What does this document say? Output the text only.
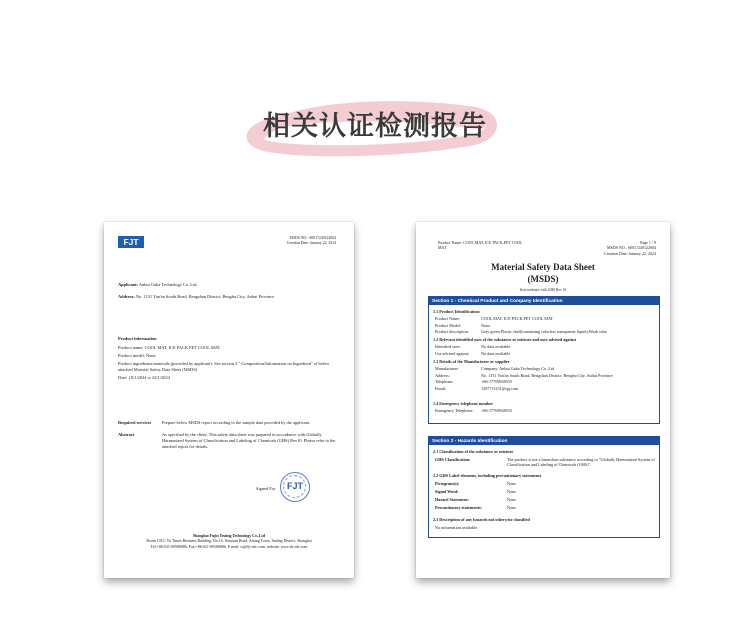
相关认证检测报告
FJT	MSDS NO.: S0017240122004
Creation Date: January 22, 2024
Applicant: Anhui Gaka Technology Co.,Ltd.
Address: No. 1131 Yan'an South Road, Bengshan District, Bengbu City, Anhui Province
Product information
Product name: COOL MAT, ICE PACK,PET COOL MAT
Product model: None
Product ingredients/materials (provided by applicant): See section 3 " Composition/Information on Ingredient" of below attached Material Safety Data Sheet (MSDS)
Date: 18/1/2024 to 22/1/2024
Required services Prepare below MSDS report according to the sample data provided by the applicant.
Abstract	As specified by the client, This safety data sheet was prepared in accordance with Globally Harmonized System of Classification and Labeling of Chemicals (GHS) Rev10. Please refer to the attached report for details.
Signed For	FJT
Shanghai Fujin Testing Technology Co.,Ltd
Room 1015, Vit Times Business Building, No.16, Xinyuan Road, Anting Town, Jiading District, Shanghai
Tel:+86-021-69586886, Fax:+86-021-69586886, E-mail: cs@fjt-sdc.com, website: www.sh-sdc.com
Product Name: COOL MAT, ICE PACK,PET COOL
MAT
Page 1 / 9
MSDS NO.: S0017240122004
Creation Date: January 22, 2024
Material Safety Data Sheet
(MSDS)
In accordance with GHS Rev 10
Section 1 - Chemical Product and Company Identification
1.1 Product Identification:
Product Name:	COOL MAT, ICE PACK,PET COOL MAT
Product Model:	None
Product description:	Gray green Plastic shell(containing colorless transparent liquid),Weak odor
1.2 Relevant identified uses of the substance or mixture and uses advised against
Identified uses:	No data available
Use advised against:	No data available
1.3 Details of the Manufacturer or supplier
Manufacturer:	Company: Anhui Gaka Technology Co.,Ltd
Address:	No. 1131 Yan'an South Road, Bengshan District, Bengbu City, Anhui Province
Telephone:	+86-17769948535
Email:	1287711431@qq.com
1.4 Emergency telephone number
Emergency Telephone: +86-17769948535
Section 2 - Hazards Identification
2.1 Classification of the substance or mixture
GHS Classification:	The product is not a hazardous substance according to "Globally Harmonized System of Classification and Labeling of Chemicals (GHS)".
2.2 GHS Label elements, including precautionary statements
Pictogram(s):	None
Signal Word:	None
Hazard Statement:	None
Precautionary statements:	None
2.3 Description of any hazards not otherwise classified
No information available.
